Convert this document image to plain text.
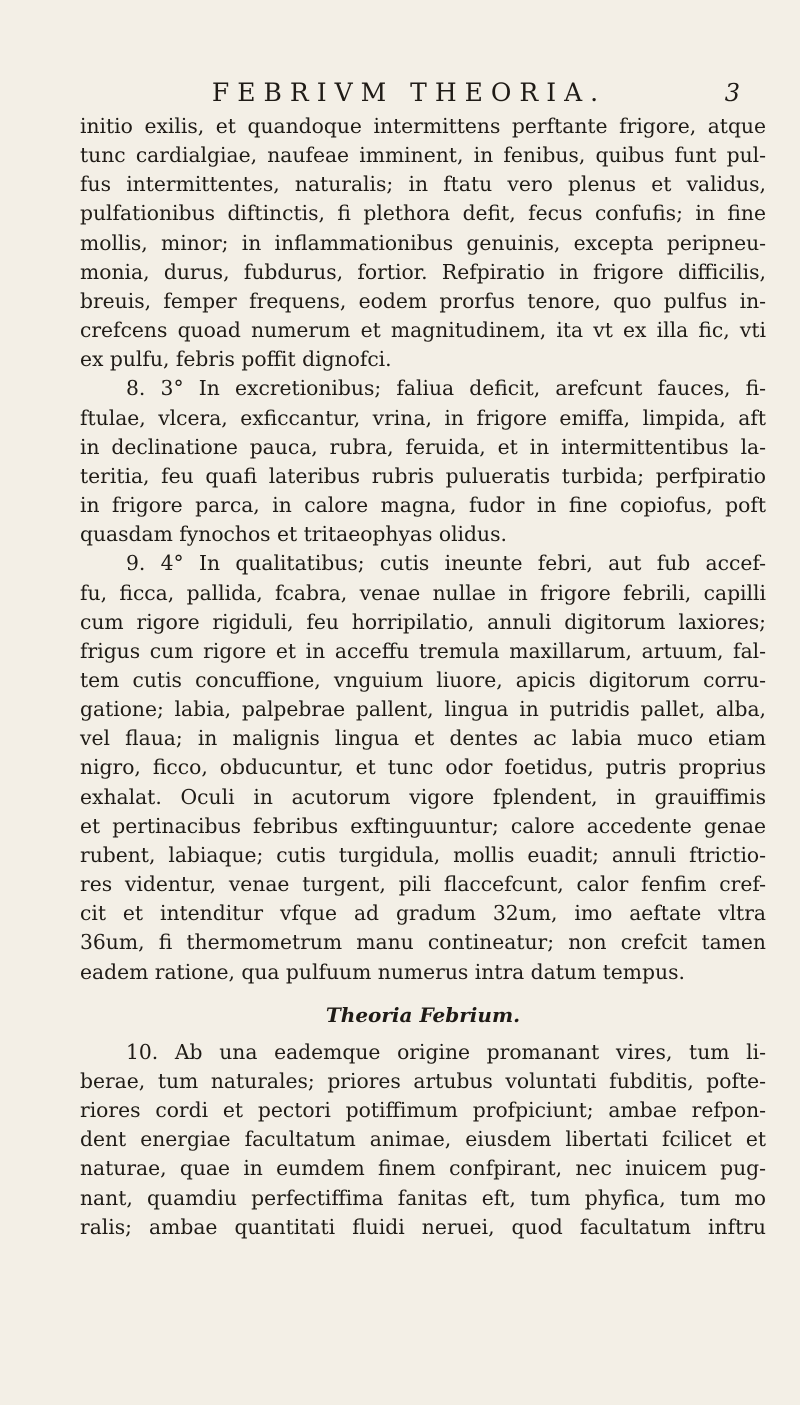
FEBRIVM THEORIA.	3
initio exilis, et quandoque intermittens perftante frigore, atque
tunc cardialgiae, naufeae imminent, in fenibus, quibus funt pul-
fus intermittentes, naturalis; in ftatu vero plenus et validus,
pulfationibus diftinctis, fi plethora defit, fecus confufis; in fine
mollis, minor; in inflammationibus genuinis, excepta peripneu-
monia, durus, fubdurus, fortior. Refpiratio in frigore difficilis,
breuis, femper frequens, eodem prorfus tenore, quo pulfus in-
crefcens quoad numerum et magnitudinem, ita vt ex illa fic, vti
ex pulfu, febris poffit dignofci.
8. 3° In excretionibus; faliua deficit, arefcunt fauces, fi-
ftulae, vlcera, exficcantur, vrina, in frigore emiffa, limpida, aft
in declinatione pauca, rubra, feruida, et in intermittentibus la-
teritia, feu quafi lateribus rubris pulueratis turbida; perfpiratio
in frigore parca, in calore magna, fudor in fine copiofus, poft
quasdam fynochos et tritaeophyas olidus.
9. 4° In qualitatibus; cutis ineunte febri, aut fub accef-
fu, ficca, pallida, fcabra, venae nullae in frigore febrili, capilli
cum rigore rigiduli, feu horripilatio, annuli digitorum laxiores;
frigus cum rigore et in acceffu tremula maxillarum, artuum, fal-
tem cutis concuffione, vnguium liuore, apicis digitorum corru-
gatione; labia, palpebrae pallent, lingua in putridis pallet, alba,
vel flaua; in malignis lingua et dentes ac labia muco etiam
nigro, ficco, obducuntur, et tunc odor foetidus, putris proprius
exhalat. Oculi in acutorum vigore fplendent, in grauiffimis
et pertinacibus febribus exftinguuntur; calore accedente genae
rubent, labiaque; cutis turgidula, mollis euadit; annuli ftrictio-
res videntur, venae turgent, pili flaccefcunt, calor fenfim cref-
cit et intenditur vfque ad gradum 32um, imo aeftate vltra
36um, fi thermometrum manu contineatur; non crefcit tamen
eadem ratione, qua pulfuum numerus intra datum tempus.
Theoria Febrium.
10. Ab una eademque origine promanant vires, tum li-
berae, tum naturales; priores artubus voluntati fubditis, pofte-
riores cordi et pectori potiffimum profpiciunt; ambae refpon-
dent energiae facultatum animae, eiusdem libertati fcilicet et
naturae, quae in eumdem finem confpirant, nec inuicem pug-
nant, quamdiu perfectiffima fanitas eft, tum phyfica, tum mo
ralis; ambae quantitati fluidi neruei, quod facultatum inftru
